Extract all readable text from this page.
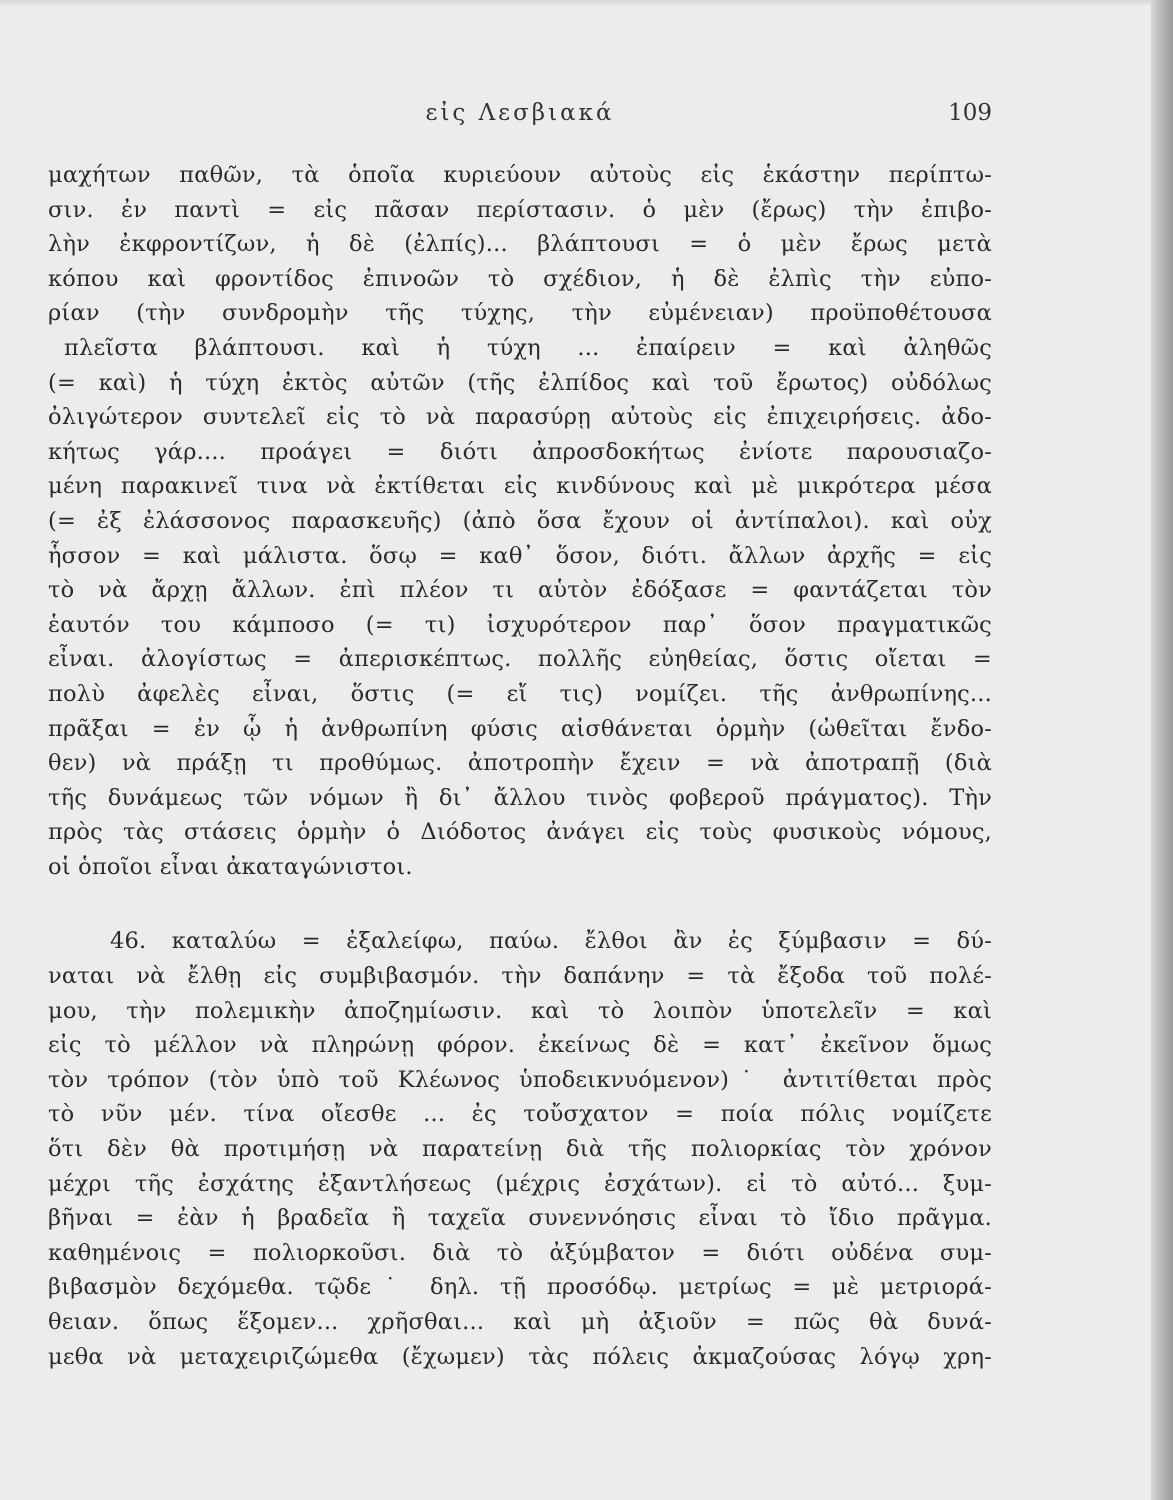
εἰς Λεσβιακά	109
μαχήτων παθῶν, τὰ ὁποῖα κυριεύουν αὐτοὺς εἰς ἑκάστην περίπτω-
σιν. ἐν παντὶ = εἰς πᾶσαν περίστασιν. ὁ μὲν (ἔρως) τὴν ἐπιβο-
λὴν ἐκφροντίζων, ἡ δὲ (ἐλπίς)... βλάπτουσι = ὁ μὲν ἔρως μετὰ
κόπου καὶ φροντίδος ἐπινοῶν τὸ σχέδιον, ἡ δὲ ἐλπὶς τὴν εὐπο-
ρίαν (τὴν συνδρομὴν τῆς τύχης, τὴν εὐμένειαν) προϋποθέτουσα
πλεῖστα βλάπτουσι. καὶ ἡ τύχη ... ἐπαίρειν = καὶ ἀληθῶς
(= καὶ) ἡ τύχη ἐκτὸς αὐτῶν (τῆς ἐλπίδος καὶ τοῦ ἔρωτος) οὐδόλως
ὀλιγώτερον συντελεῖ εἰς τὸ νὰ παρασύρῃ αὐτοὺς εἰς ἐπιχειρήσεις. ἀδο-
κήτως γάρ.... προάγει = διότι ἀπροσδοκήτως ἐνίοτε παρουσιαζο-
μένη παρακινεῖ τινα νὰ ἐκτίθεται εἰς κινδύνους καὶ μὲ μικρότερα μέσα
(= ἐξ ἐλάσσονος παρασκευῆς) (ἀπὸ ὅσα ἔχουν οἱ ἀντίπαλοι). καὶ οὐχ
ἧσσον = καὶ μάλιστα. ὅσῳ = καθ᾽ ὅσον, διότι. ἄλλων ἀρχῆς = εἰς
τὸ νὰ ἄρχῃ ἄλλων. ἐπὶ πλέον τι αὑτὸν ἐδόξασε = φαντάζεται τὸν
ἑαυτόν του κάμποσο (= τι) ἰσχυρότερον παρ᾽ ὅσον πραγματικῶς
εἶναι. ἀλογίστως = ἀπερισκέπτως. πολλῆς εὐηθείας, ὅστις οἴεται =
πολὺ ἀφελὲς εἶναι, ὅστις (= εἴ τις) νομίζει. τῆς ἀνθρωπίνης...
πρᾶξαι = ἐν ᾧ ἡ ἀνθρωπίνη φύσις αἰσθάνεται ὁρμὴν (ὠθεῖται ἔνδο-
θεν) νὰ πράξῃ τι προθύμως. ἀποτροπὴν ἔχειν = νὰ ἀποτραπῇ (διὰ
τῆς δυνάμεως τῶν νόμων ἢ δι᾽ ἄλλου τινὸς φοβεροῦ πράγματος). Τὴν
πρὸς τὰς στάσεις ὁρμὴν ὁ Διόδοτος ἀνάγει εἰς τοὺς φυσικοὺς νόμους,
οἱ ὁποῖοι εἶναι ἀκαταγώνιστοι.
46. καταλύω = ἐξαλείφω, παύω. ἔλθοι ἂν ἐς ξύμβασιν = δύ-
ναται νὰ ἔλθῃ εἰς συμβιβασμόν. τὴν δαπάνην = τὰ ἔξοδα τοῦ πολέ-
μου, τὴν πολεμικὴν ἀποζημίωσιν. καὶ τὸ λοιπὸν ὑποτελεῖν = καὶ
εἰς τὸ μέλλον νὰ πληρώνῃ φόρον. ἐκείνως δὲ = κατ᾽ ἐκεῖνον ὅμως
τὸν τρόπον (τὸν ὑπὸ τοῦ Κλέωνος ὑποδεικνυόμενον)˙ ἀντιτίθεται πρὸς
τὸ νῦν μέν. τίνα οἴεσθε ... ἐς τοὔσχατον = ποία πόλις νομίζετε
ὅτι δὲν θὰ προτιμήσῃ νὰ παρατείνῃ διὰ τῆς πολιορκίας τὸν χρόνον
μέχρι τῆς ἐσχάτης ἐξαντλήσεως (μέχρις ἐσχάτων). εἰ τὸ αὐτό... ξυμ-
βῆναι = ἐὰν ἡ βραδεῖα ἢ ταχεῖα συνεννόησις εἶναι τὸ ἴδιο πρᾶγμα.
καθημένοις = πολιορκοῦσι. διὰ τὸ ἀξύμβατον = διότι οὐδένα συμ-
βιβασμὸν δεχόμεθα. τῷδε˙ δηλ. τῇ προσόδῳ. μετρίως = μὲ μετριορά-
θειαν. ὅπως ἕξομεν... χρῆσθαι... καὶ μὴ ἀξιοῦν = πῶς θὰ δυνά-
μεθα νὰ μεταχειριζώμεθα (ἔχωμεν) τὰς πόλεις ἀκμαζούσας λόγῳ χρη-
